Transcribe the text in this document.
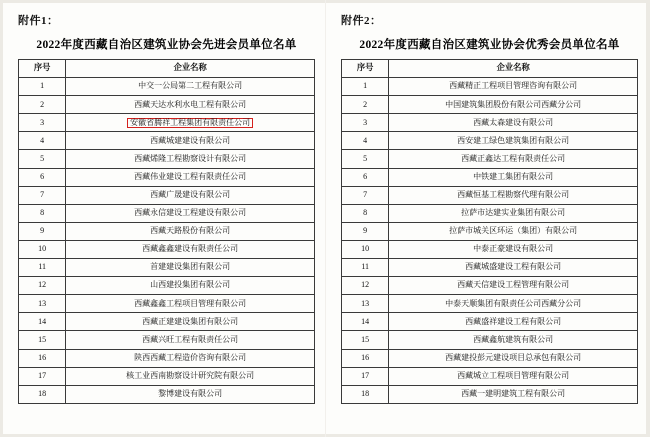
附件1：
2022年度西藏自治区建筑业协会先进会员单位名单
序号	企业名称
1	中交一公局第二工程有限公司
2	西藏天达水利水电工程有限公司
3	安徽省腾祥工程集团有限责任公司
4	西藏城建建设有限公司
5	西藏烯隆工程勘察设计有限公司
6	西藏伟业建设工程有限责任公司
7	西藏广晟建设有限公司
8	西藏永信建设工程建设有限公司
9	西藏天路股份有限公司
10	西藏鑫鑫建设有限责任公司
11	首建建设集团有限公司
12	山西建投集团有限公司
13	西藏鑫鑫工程项目管理有限公司
14	西藏正建建设集团有限公司
15	西藏兴旺工程有限责任公司
16	陕西西藏工程造价咨询有限公司
17	核工业西南勘察设计研究院有限公司
18	黎博建设有限公司
附件2：
2022年度西藏自治区建筑业协会优秀会员单位名单
序号	企业名称
1	西藏精正工程项目管理咨询有限公司
2	中国建筑集团股份有限公司西藏分公司
3	西藏太森建设有限公司
4	西安建工绿色建筑集团有限公司
5	西藏正鑫达工程有限责任公司
6	中铁建工集团有限公司
7	西藏恒基工程勘察代理有限公司
8	拉萨市达建实业集团有限公司
9	拉萨市城关区环运（集团）有限公司
10	中泰正豪建设有限公司
11	西藏城盛建设工程有限公司
12	西藏天信建设工程管理有限公司
13	中泰天顺集团有限责任公司西藏分公司
14	西藏盛祥建设工程有限公司
15	西藏鑫航建筑有限公司
16	西藏建投彭元建设项目总承包有限公司
17	西藏城立工程项目管理有限公司
18	西藏一建明建筑工程有限公司
